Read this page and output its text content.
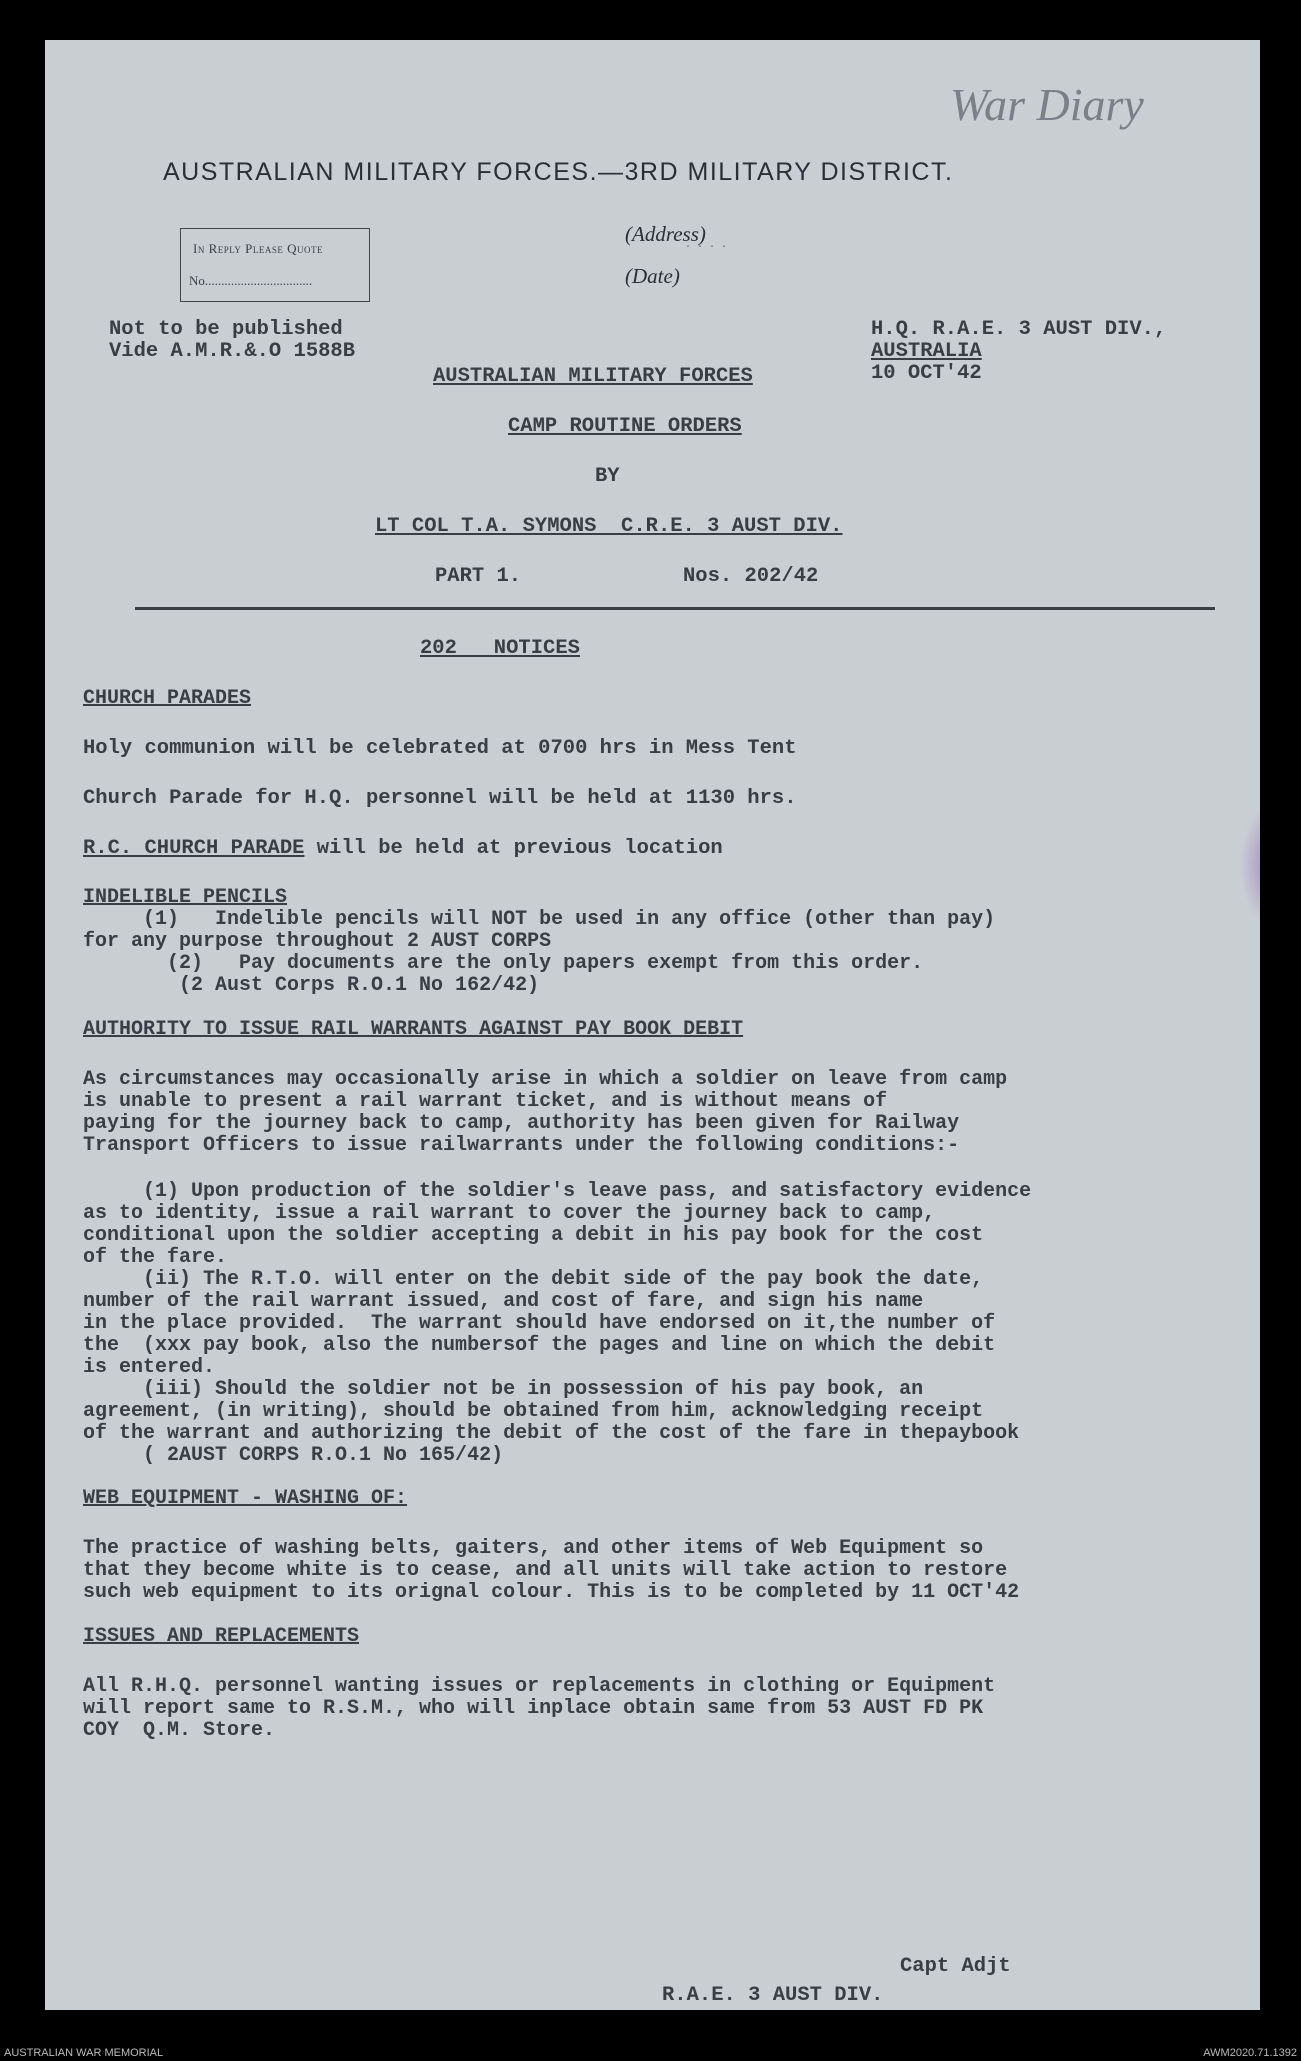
War Diary
AUSTRALIAN MILITARY FORCES.—3RD MILITARY DISTRICT.
· · · ·
In Reply Please Quote
No.................................
(Address)
(Date)
Not to be published
Vide A.M.R.&.O 1588B
H.Q. R.A.E. 3 AUST DIV.,
AUSTRALIA
10 OCT'42
AUSTRALIAN MILITARY FORCES
CAMP ROUTINE ORDERS
BY
LT COL T.A. SYMONS  C.R.E. 3 AUST DIV.
PART 1.	Nos. 202/42
202   NOTICES
CHURCH PARADES
Holy communion will be celebrated at 0700 hrs in Mess Tent
Church Parade for H.Q. personnel will be held at 1130 hrs.
R.C. CHURCH PARADE will be held at previous location
INDELIBLE PENCILS
(1)   Indelible pencils will NOT be used in any office (other than pay)
for any purpose throughout 2 AUST CORPS
(2)   Pay documents are the only papers exempt from this order.
(2 Aust Corps R.O.1 No 162/42)
AUTHORITY TO ISSUE RAIL WARRANTS AGAINST PAY BOOK DEBIT
As circumstances may occasionally arise in which a soldier on leave from camp
is unable to present a rail warrant ticket, and is without means of
paying for the journey back to camp, authority has been given for Railway
Transport Officers to issue railwarrants under the following conditions:-
(1) Upon production of the soldier's leave pass, and satisfactory evidence
as to identity, issue a rail warrant to cover the journey back to camp,
conditional upon the soldier accepting a debit in his pay book for the cost
of the fare.
(ii) The R.T.O. will enter on the debit side of the pay book the date,
number of the rail warrant issued, and cost of fare, and sign his name
in the place provided.  The warrant should have endorsed on it,the number of
the  (xxx pay book, also the numbersof the pages and line on which the debit
is entered.
(iii) Should the soldier not be in possession of his pay book, an
agreement, (in writing), should be obtained from him, acknowledging receipt
of the warrant and authorizing the debit of the cost of the fare in thepaybook
( 2AUST CORPS R.O.1 No 165/42)
WEB EQUIPMENT - WASHING OF:
The practice of washing belts, gaiters, and other items of Web Equipment so
that they become white is to cease, and all units will take action to restore
such web equipment to its orignal colour. This is to be completed by 11 OCT'42
ISSUES AND REPLACEMENTS
All R.H.Q. personnel wanting issues or replacements in clothing or Equipment
will report same to R.S.M., who will inplace obtain same from 53 AUST FD PK
COY  Q.M. Store.
Capt Adjt
R.A.E. 3 AUST DIV.
AUSTRALIAN WAR MEMORIAL	AWM2020.71.1392
